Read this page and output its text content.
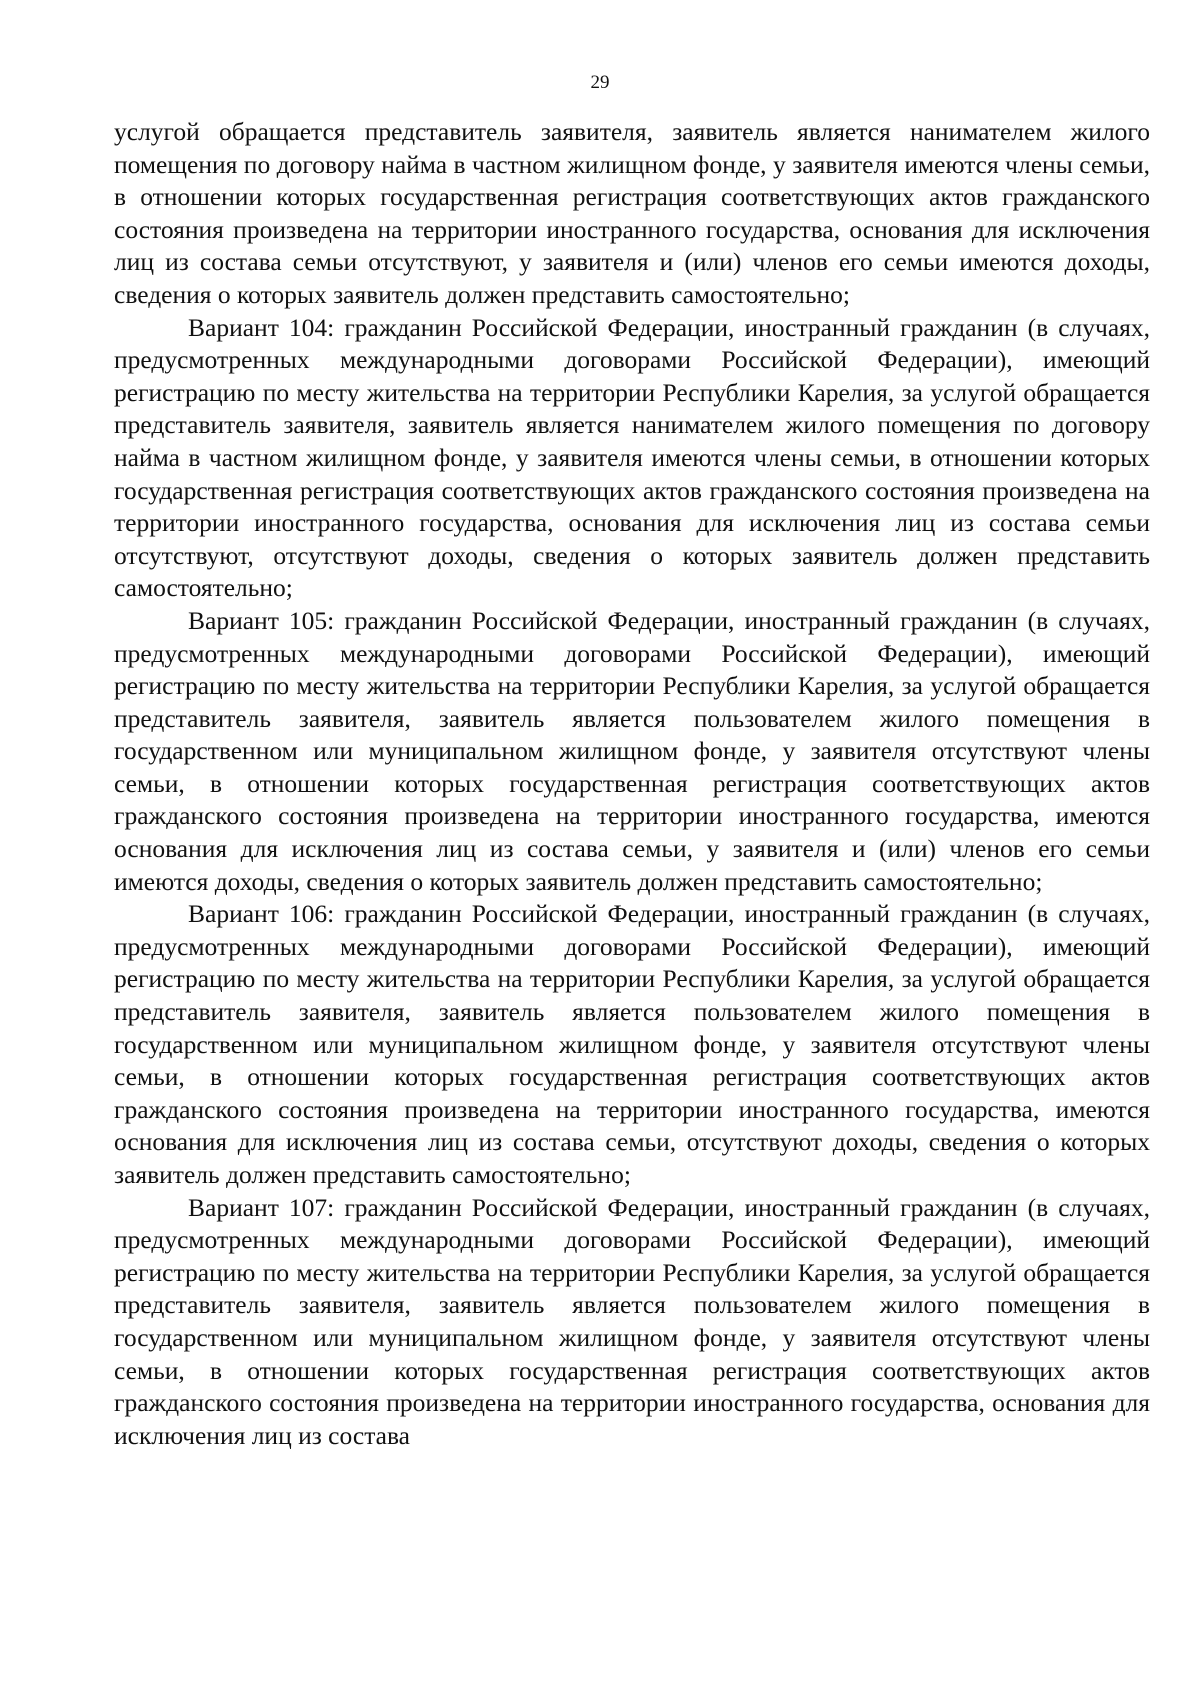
29

услугой обращается представитель заявителя, заявитель является нанимателем жилого помещения по договору найма в частном жилищном фонде, у заявителя имеются члены семьи, в отношении которых государственная регистрация соответствующих актов гражданского состояния произведена на территории иностранного государства, основания для исключения лиц из состава семьи отсутствуют, у заявителя и (или) членов его семьи имеются доходы, сведения о которых заявитель должен представить самостоятельно;

Вариант 104: гражданин Российской Федерации, иностранный гражданин (в случаях, предусмотренных международными договорами Российской Федерации), имеющий регистрацию по месту жительства на территории Республики Карелия, за услугой обращается представитель заявителя, заявитель является нанимателем жилого помещения по договору найма в частном жилищном фонде, у заявителя имеются члены семьи, в отношении которых государственная регистрация соответствующих актов гражданского состояния произведена на территории иностранного государства, основания для исключения лиц из состава семьи отсутствуют, отсутствуют доходы, сведения о которых заявитель должен представить самостоятельно;

Вариант 105: гражданин Российской Федерации, иностранный гражданин (в случаях, предусмотренных международными договорами Российской Федерации), имеющий регистрацию по месту жительства на территории Республики Карелия, за услугой обращается представитель заявителя, заявитель является пользователем жилого помещения в государственном или муниципальном жилищном фонде, у заявителя отсутствуют члены семьи, в отношении которых государственная регистрация соответствующих актов гражданского состояния произведена на территории иностранного государства, имеются основания для исключения лиц из состава семьи, у заявителя и (или) членов его семьи имеются доходы, сведения о которых заявитель должен представить самостоятельно;

Вариант 106: гражданин Российской Федерации, иностранный гражданин (в случаях, предусмотренных международными договорами Российской Федерации), имеющий регистрацию по месту жительства на территории Республики Карелия, за услугой обращается представитель заявителя, заявитель является пользователем жилого помещения в государственном или муниципальном жилищном фонде, у заявителя отсутствуют члены семьи, в отношении которых государственная регистрация соответствующих актов гражданского состояния произведена на территории иностранного государства, имеются основания для исключения лиц из состава семьи, отсутствуют доходы, сведения о которых заявитель должен представить самостоятельно;

Вариант 107: гражданин Российской Федерации, иностранный гражданин (в случаях, предусмотренных международными договорами Российской Федерации), имеющий регистрацию по месту жительства на территории Республики Карелия, за услугой обращается представитель заявителя, заявитель является пользователем жилого помещения в государственном или муниципальном жилищном фонде, у заявителя отсутствуют члены семьи, в отношении которых государственная регистрация соответствующих актов гражданского состояния произведена на территории иностранного государства, основания для исключения лиц из состава
